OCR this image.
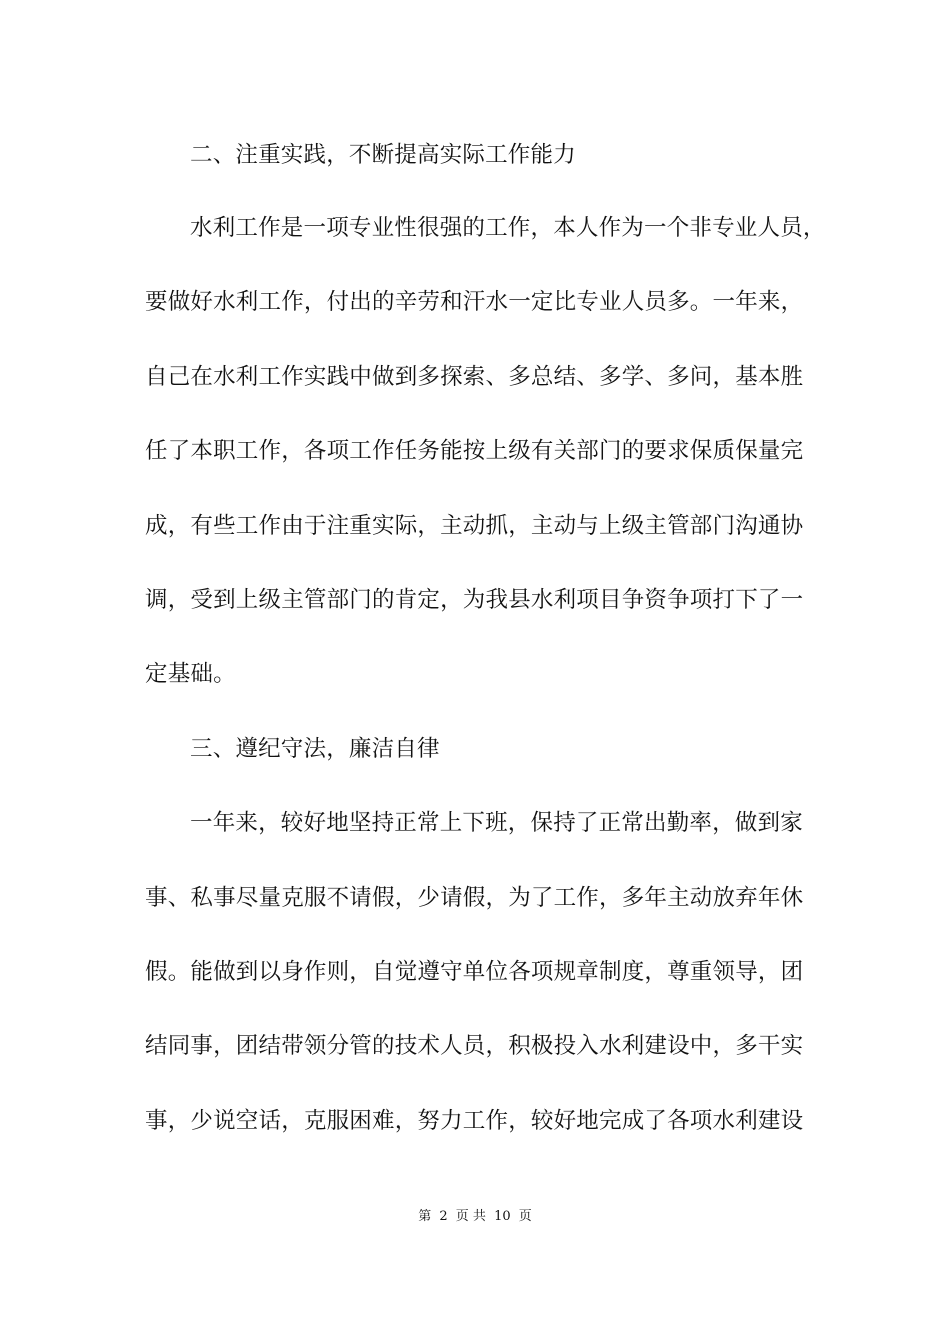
二、注重实践，不断提高实际工作能力
水利工作是一项专业性很强的工作，本人作为一个非专业人员，
要做好水利工作，付出的辛劳和汗水一定比专业人员多。一年来，
自己在水利工作实践中做到多探索、多总结、多学、多问，基本胜
任了本职工作，各项工作任务能按上级有关部门的要求保质保量完
成，有些工作由于注重实际，主动抓，主动与上级主管部门沟通协
调，受到上级主管部门的肯定，为我县水利项目争资争项打下了一
定基础。
三、遵纪守法，廉洁自律
一年来，较好地坚持正常上下班，保持了正常出勤率，做到家
事、私事尽量克服不请假，少请假，为了工作，多年主动放弃年休
假。能做到以身作则，自觉遵守单位各项规章制度，尊重领导，团
结同事，团结带领分管的技术人员，积极投入水利建设中，多干实
事，少说空话，克服困难，努力工作，较好地完成了各项水利建设
第 2 页 共 10 页
